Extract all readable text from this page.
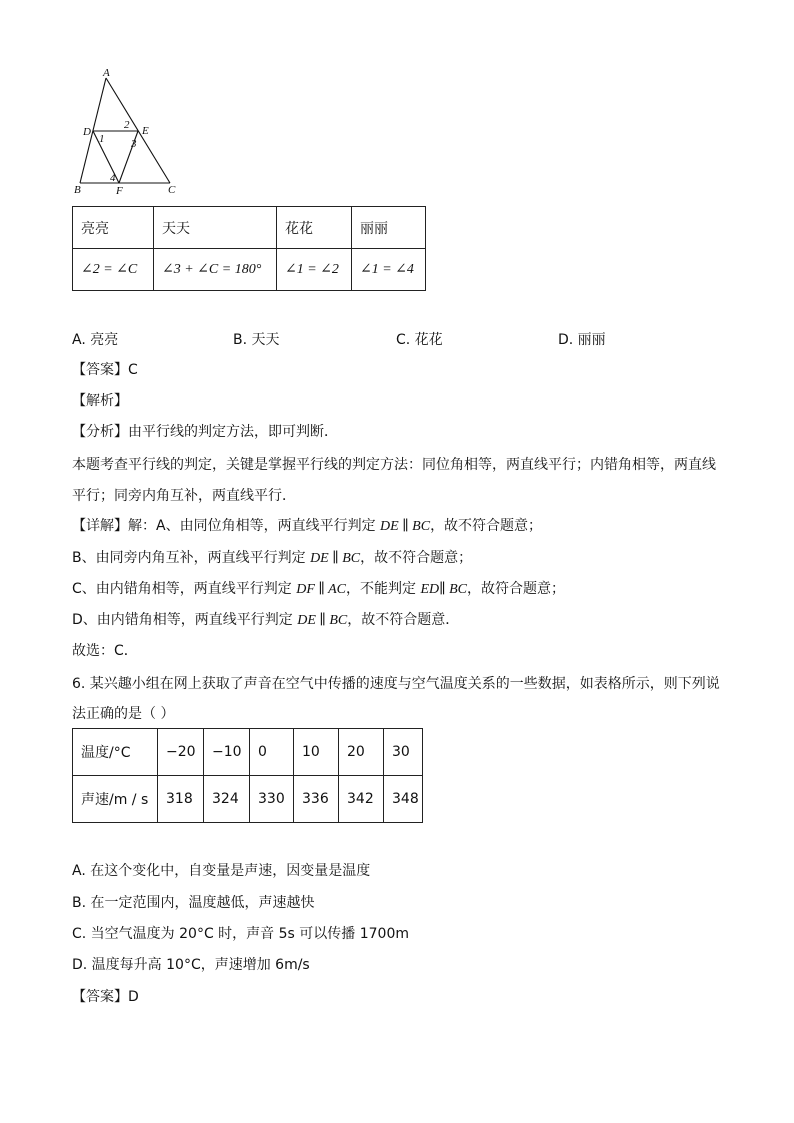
A
B	C
D	E
F
1
2
3
4
亮亮	天天	花花	丽丽
∠2 = ∠C	∠3 + ∠C = 180°	∠1 = ∠2	∠1 = ∠4
A. 亮亮	B. 天天	C. 花花	D. 丽丽
【答案】C
【解析】
【分析】由平行线的判定方法，即可判断．
本题考查平行线的判定，关键是掌握平行线的判定方法：同位角相等，两直线平行；内错角相等，两直线
平行；同旁内角互补，两直线平行．
【详解】解：A、由同位角相等，两直线平行判定 DE ∥ BC，故不符合题意；
B、由同旁内角互补，两直线平行判定 DE ∥ BC，故不符合题意；
C、由内错角相等，两直线平行判定 DF ∥ AC，不能判定 ED∥ BC，故符合题意；
D、由内错角相等，两直线平行判定 DE ∥ BC，故不符合题意．
故选：C．
6. 某兴趣小组在网上获取了声音在空气中传播的速度与空气温度关系的一些数据，如表格所示，则下列说
法正确的是（ ）
温度/°C	−20	−10	0	10	20	30
声速/m / s	318	324	330	336	342	348
A. 在这个变化中，自变量是声速，因变量是温度
B. 在一定范围内，温度越低，声速越快
C. 当空气温度为 20°C 时，声音 5s 可以传播 1700m
D. 温度每升高 10°C，声速增加 6m/s
【答案】D
